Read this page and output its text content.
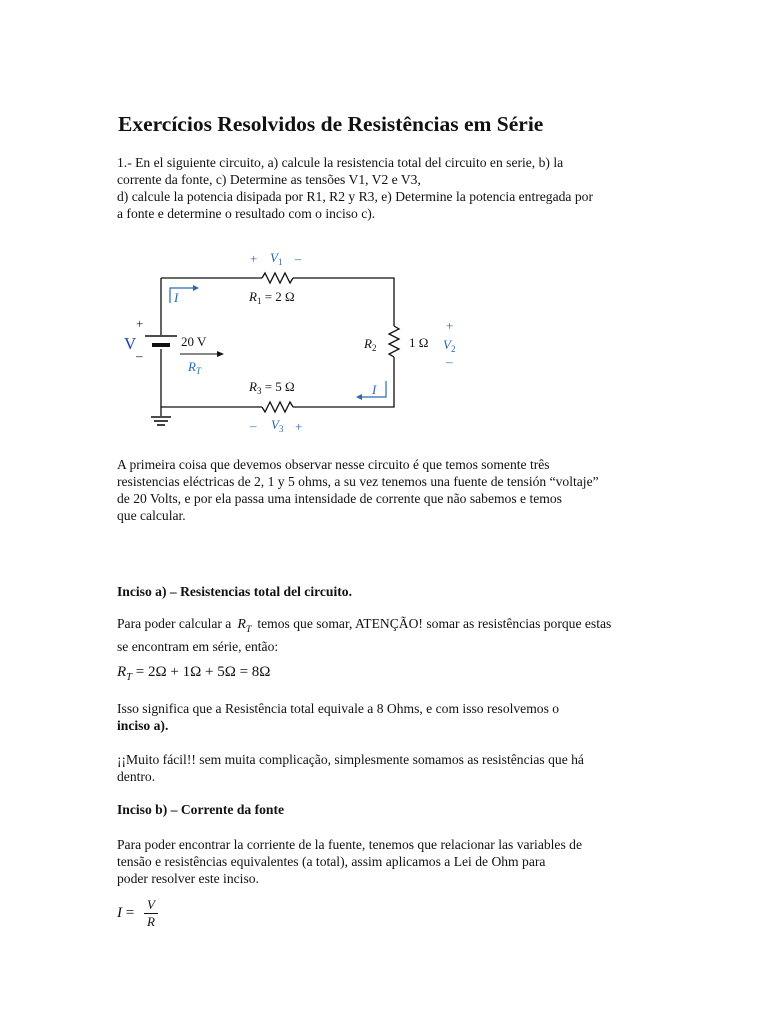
Exercícios Resolvidos de Resistências em Série

1.- En el siguiente circuito, a) calcule la resistencia total del circuito en serie, b) la
corrente da fonte, c) Determine as tensões V1, V2 e V3,
d) calcule la potencia disipada por R1, R2 y R3, e) Determine la potencia entregada por
a fonte e determine o resultado com o inciso c).

I
I
+ $V_1$ –
$R_1 = 2$ Ω
+
–
V	20 V
$R_T$
$R_2$	1 Ω
+
$V_2$
–
$R_3 = 5$ Ω
– $V_3$ +

A primeira coisa que devemos observar nesse circuito é que temos somente três
resistencias eléctricas de 2, 1 y 5 ohms, a su vez tenemos una fuente de tensión “voltaje”
de 20 Volts, e por ela passa uma intensidade de corrente que não sabemos e temos
que calcular.

Inciso a) – Resistencias total del circuito.

Para poder calcular a $R_T$ temos que somar, ATENÇÃO! somar as resistências porque estas
se encontram em série, então:

$R_T = 2\Omega + 1\Omega + 5\Omega = 8\Omega$

Isso significa que a Resistência total equivale a 8 Ohms, e com isso resolvemos o
inciso a).

¡¡Muito fácil!! sem muita complicação, simplesmente somamos as resistências que há
dentro.

Inciso b) – Corrente da fonte

Para poder encontrar la corriente de la fuente, tenemos que relacionar las variables de
tensão e resistências equivalentes (a total), assim aplicamos a Lei de Ohm para
poder resolver este inciso.

$I = \frac{V}{R}$
